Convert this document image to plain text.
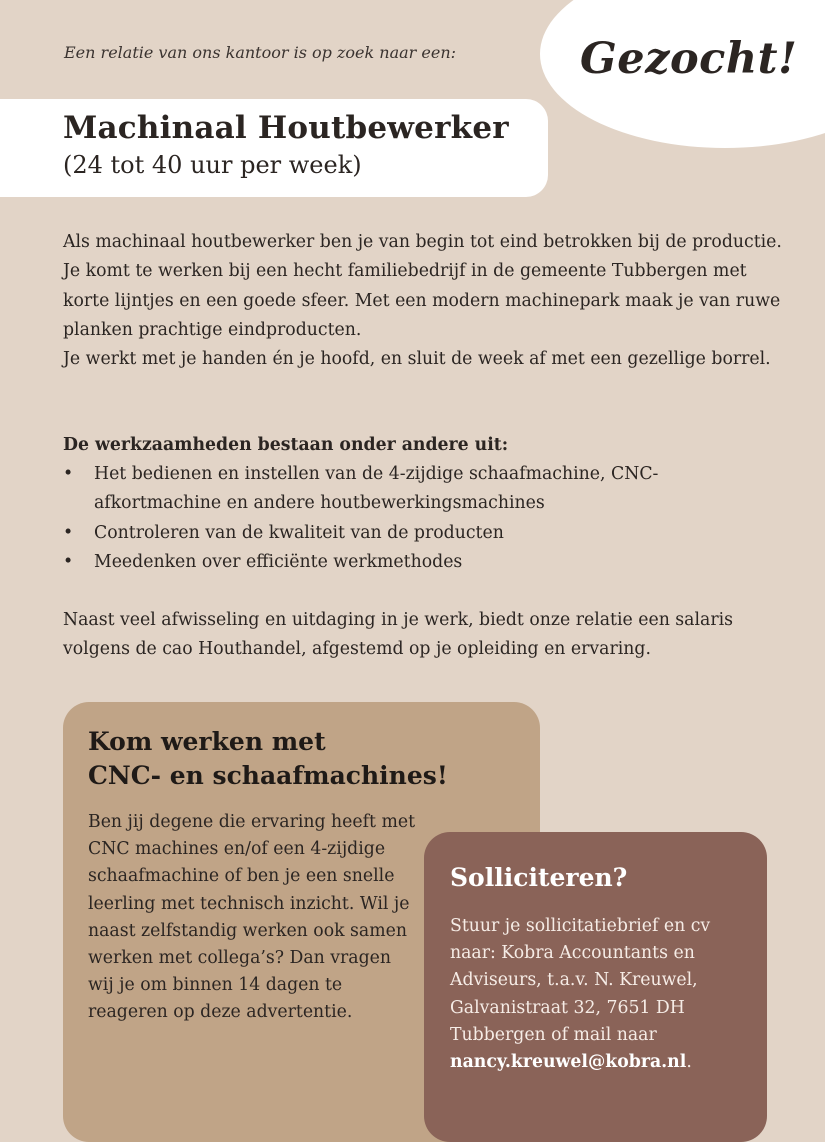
Gezocht!

Een relatie van ons kantoor is op zoek naar een:

Machinaal Houtbewerker

(24 tot 40 uur per week)

Als machinaal houtbewerker ben je van begin tot eind betrokken bij de productie. Je komt te werken bij een hecht familiebedrijf in de gemeente Tubbergen met korte lijntjes en een goede sfeer. Met een modern machinepark maak je van ruwe planken prachtige eindproducten.
Je werkt met je handen én je hoofd, en sluit de week af met een gezellige borrel.

De werkzaamheden bestaan onder andere uit:

• Het bedienen en instellen van de 4-zijdige schaafmachine, CNC-afkortmachine en andere houtbewerkingsmachines
• Controleren van de kwaliteit van de producten
• Meedenken over efficiënte werkmethodes

Naast veel afwisseling en uitdaging in je werk, biedt onze relatie een salaris volgens de cao Houthandel, afgestemd op je opleiding en ervaring.

Kom werken met
CNC- en schaafmachines!

Ben jij degene die ervaring heeft met CNC machines en/of een 4-zijdige schaafmachine of ben je een snelle leerling met technisch inzicht. Wil je naast zelfstandig werken ook samen werken met collega’s? Dan vragen wij je om binnen 14 dagen te reageren op deze advertentie.

Solliciteren?

Stuur je sollicitatiebrief en cv naar: Kobra Accountants en Adviseurs, t.a.v. N. Kreuwel, Galvanistraat 32, 7651 DH Tubbergen of mail naar nancy.kreuwel@kobra.nl.
